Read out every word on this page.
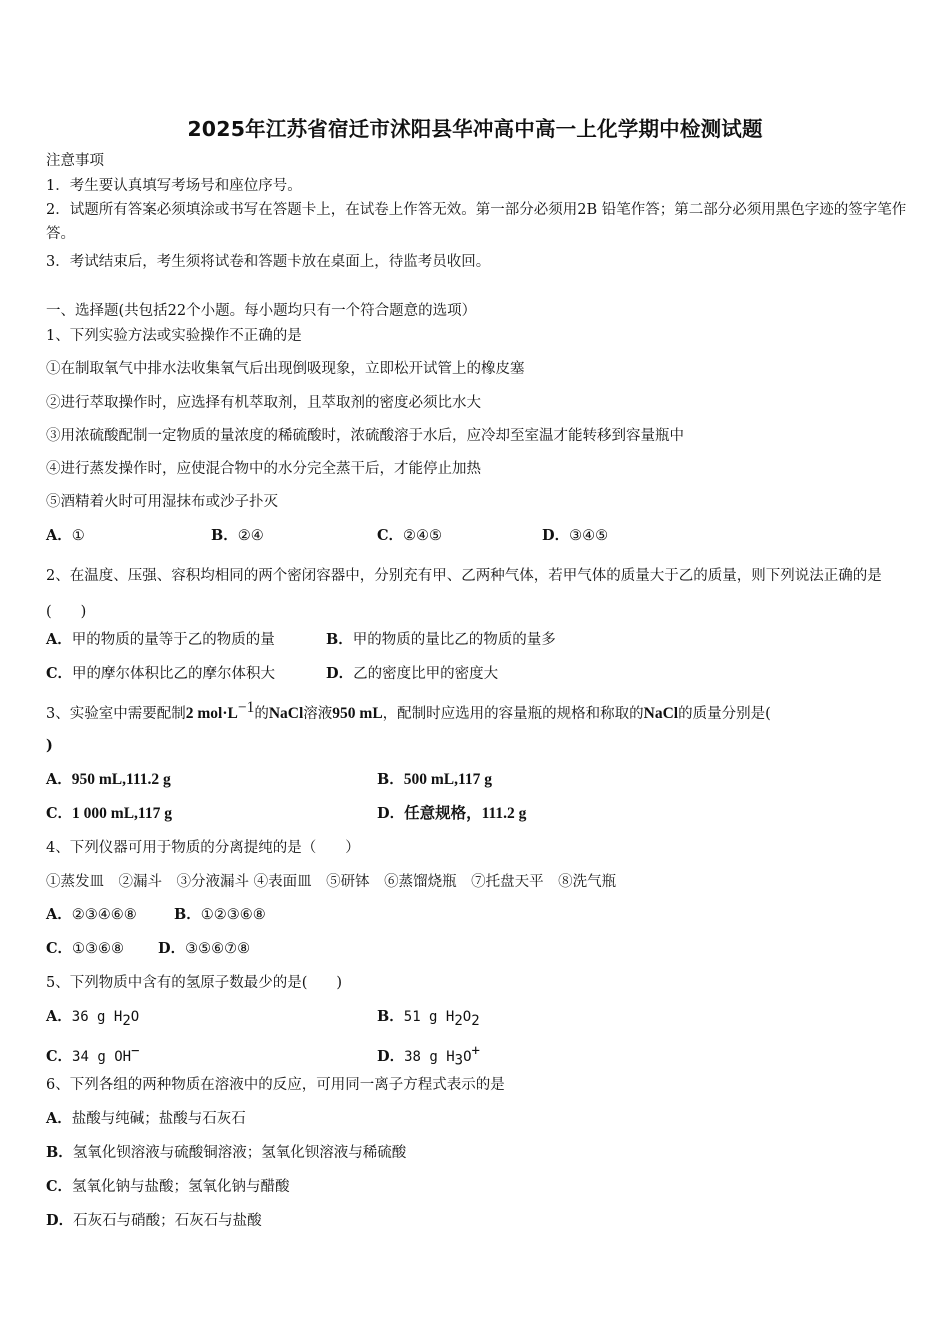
2025年江苏省宿迁市沭阳县华冲高中高一上化学期中检测试题
注意事项
1．考生要认真填写考场号和座位序号。
2．试题所有答案必须填涂或书写在答题卡上，在试卷上作答无效。第一部分必须用2B 铅笔作答；第二部分必须用黑色字迹的签字笔作答。
3．考试结束后，考生须将试卷和答题卡放在桌面上，待监考员收回。
一、选择题(共包括22个小题。每小题均只有一个符合题意的选项）
1、下列实验方法或实验操作不正确的是
①在制取氧气中排水法收集氧气后出现倒吸现象，立即松开试管上的橡皮塞
②进行萃取操作时，应选择有机萃取剂，且萃取剂的密度必须比水大
③用浓硫酸配制一定物质的量浓度的稀硫酸时，浓硫酸溶于水后，应冷却至室温才能转移到容量瓶中
④进行蒸发操作时，应使混合物中的水分完全蒸干后，才能停止加热
⑤酒精着火时可用湿抹布或沙子扑灭
A．①	B．②④	C．②④⑤	D．③④⑤
2、在温度、压强、容积均相同的两个密闭容器中，分别充有甲、乙两种气体，若甲气体的质量大于乙的质量，则下列说法正确的是　　(　　)
A．甲的物质的量等于乙的物质的量	B．甲的物质的量比乙的物质的量多
C．甲的摩尔体积比乙的摩尔体积大	D．乙的密度比甲的密度大
3、实验室中需要配制2 $mol\cdot L^{-1}$的NaCl溶液950 mL，配制时应选用的容量瓶的规格和称取的NaCl的质量分别是(
)
A．950 mL,111.2 g	B．500 mL,117 g
C．1 000 mL,117 g	D．任意规格，111.2 g
4、下列仪器可用于物质的分离提纯的是（　　）
①蒸发皿　②漏斗　③分液漏斗 ④表面皿　⑤研钵　⑥蒸馏烧瓶　⑦托盘天平　⑧洗气瓶
A．②③④⑥⑧	B．①②③⑥⑧
C．①③⑥⑧ D．③⑤⑥⑦⑧
5、下列物质中含有的氢原子数最少的是(　　)
A．36 g $H_2O$	B．51 g $H_2O_2$
C．34 g OH−	D．38 g $H_3O^+$
6、下列各组的两种物质在溶液中的反应，可用同一离子方程式表示的是
A．盐酸与纯碱；盐酸与石灰石
B．氢氧化钡溶液与硫酸铜溶液；氢氧化钡溶液与稀硫酸
C．氢氧化钠与盐酸；氢氧化钠与醋酸
D．石灰石与硝酸；石灰石与盐酸
